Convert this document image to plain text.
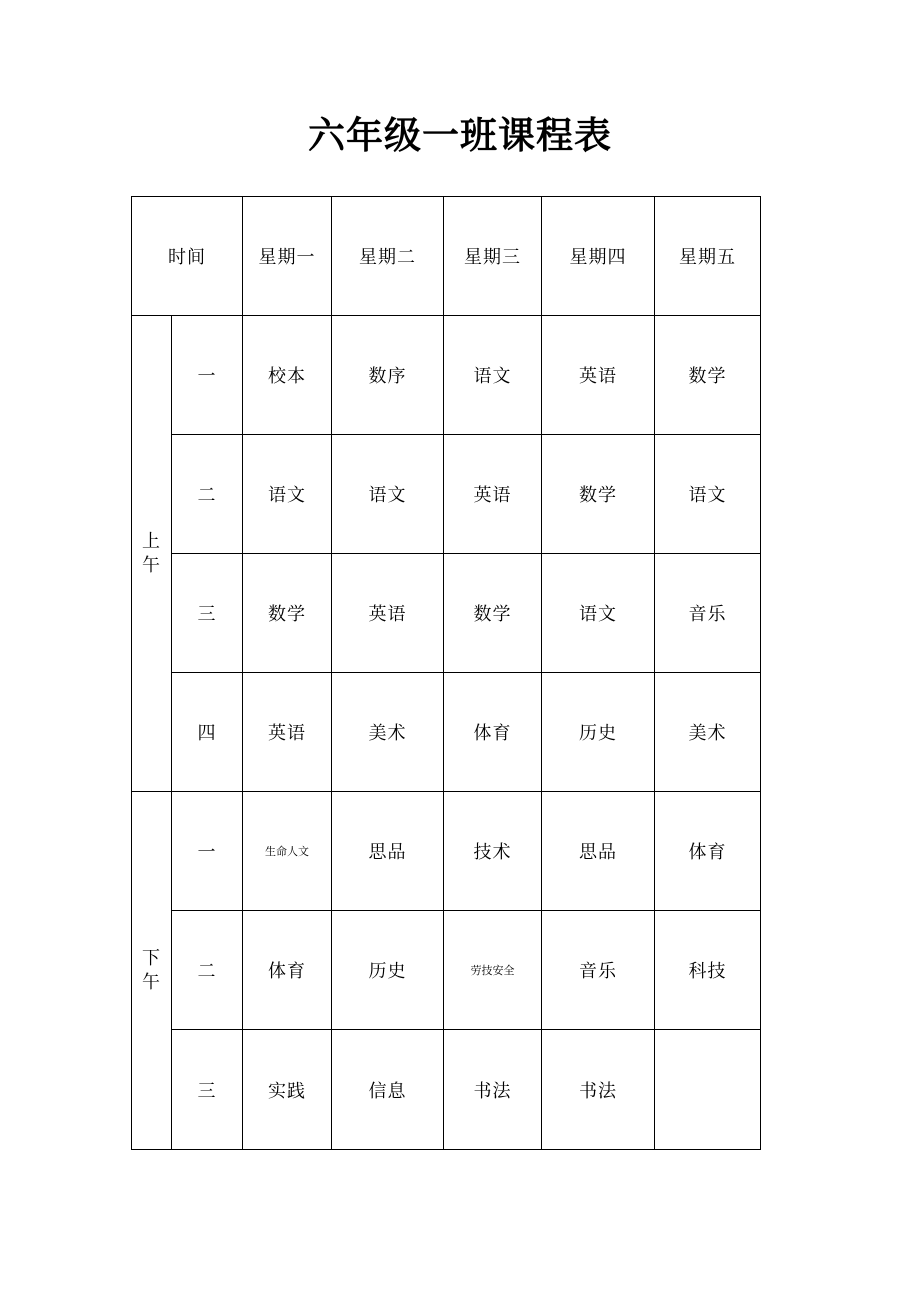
六年级一班课程表
时间		星期一	星期二	星期三	星期四	星期五
上午	一	校本	数序	语文	英语	数学
	二	语文	语文	英语	数学	语文
	三	数学	英语	数学	语文	音乐
	四	英语	美术	体育	历史	美术
下午	一	生命人文	思品	技术	思品	体育
	二	体育	历史	劳技安全	音乐	科技
	三	实践	信息	书法	书法	
